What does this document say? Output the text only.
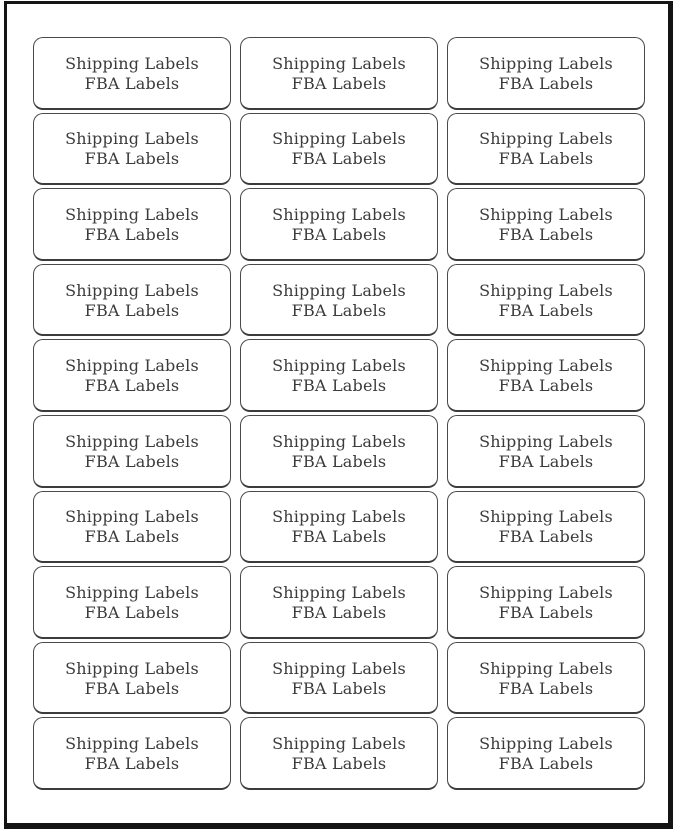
Shipping Labels
FBA Labels
Shipping Labels
FBA Labels
Shipping Labels
FBA Labels
Shipping Labels
FBA Labels
Shipping Labels
FBA Labels
Shipping Labels
FBA Labels
Shipping Labels
FBA Labels
Shipping Labels
FBA Labels
Shipping Labels
FBA Labels
Shipping Labels
FBA Labels
Shipping Labels
FBA Labels
Shipping Labels
FBA Labels
Shipping Labels
FBA Labels
Shipping Labels
FBA Labels
Shipping Labels
FBA Labels
Shipping Labels
FBA Labels
Shipping Labels
FBA Labels
Shipping Labels
FBA Labels
Shipping Labels
FBA Labels
Shipping Labels
FBA Labels
Shipping Labels
FBA Labels
Shipping Labels
FBA Labels
Shipping Labels
FBA Labels
Shipping Labels
FBA Labels
Shipping Labels
FBA Labels
Shipping Labels
FBA Labels
Shipping Labels
FBA Labels
Shipping Labels
FBA Labels
Shipping Labels
FBA Labels
Shipping Labels
FBA Labels
